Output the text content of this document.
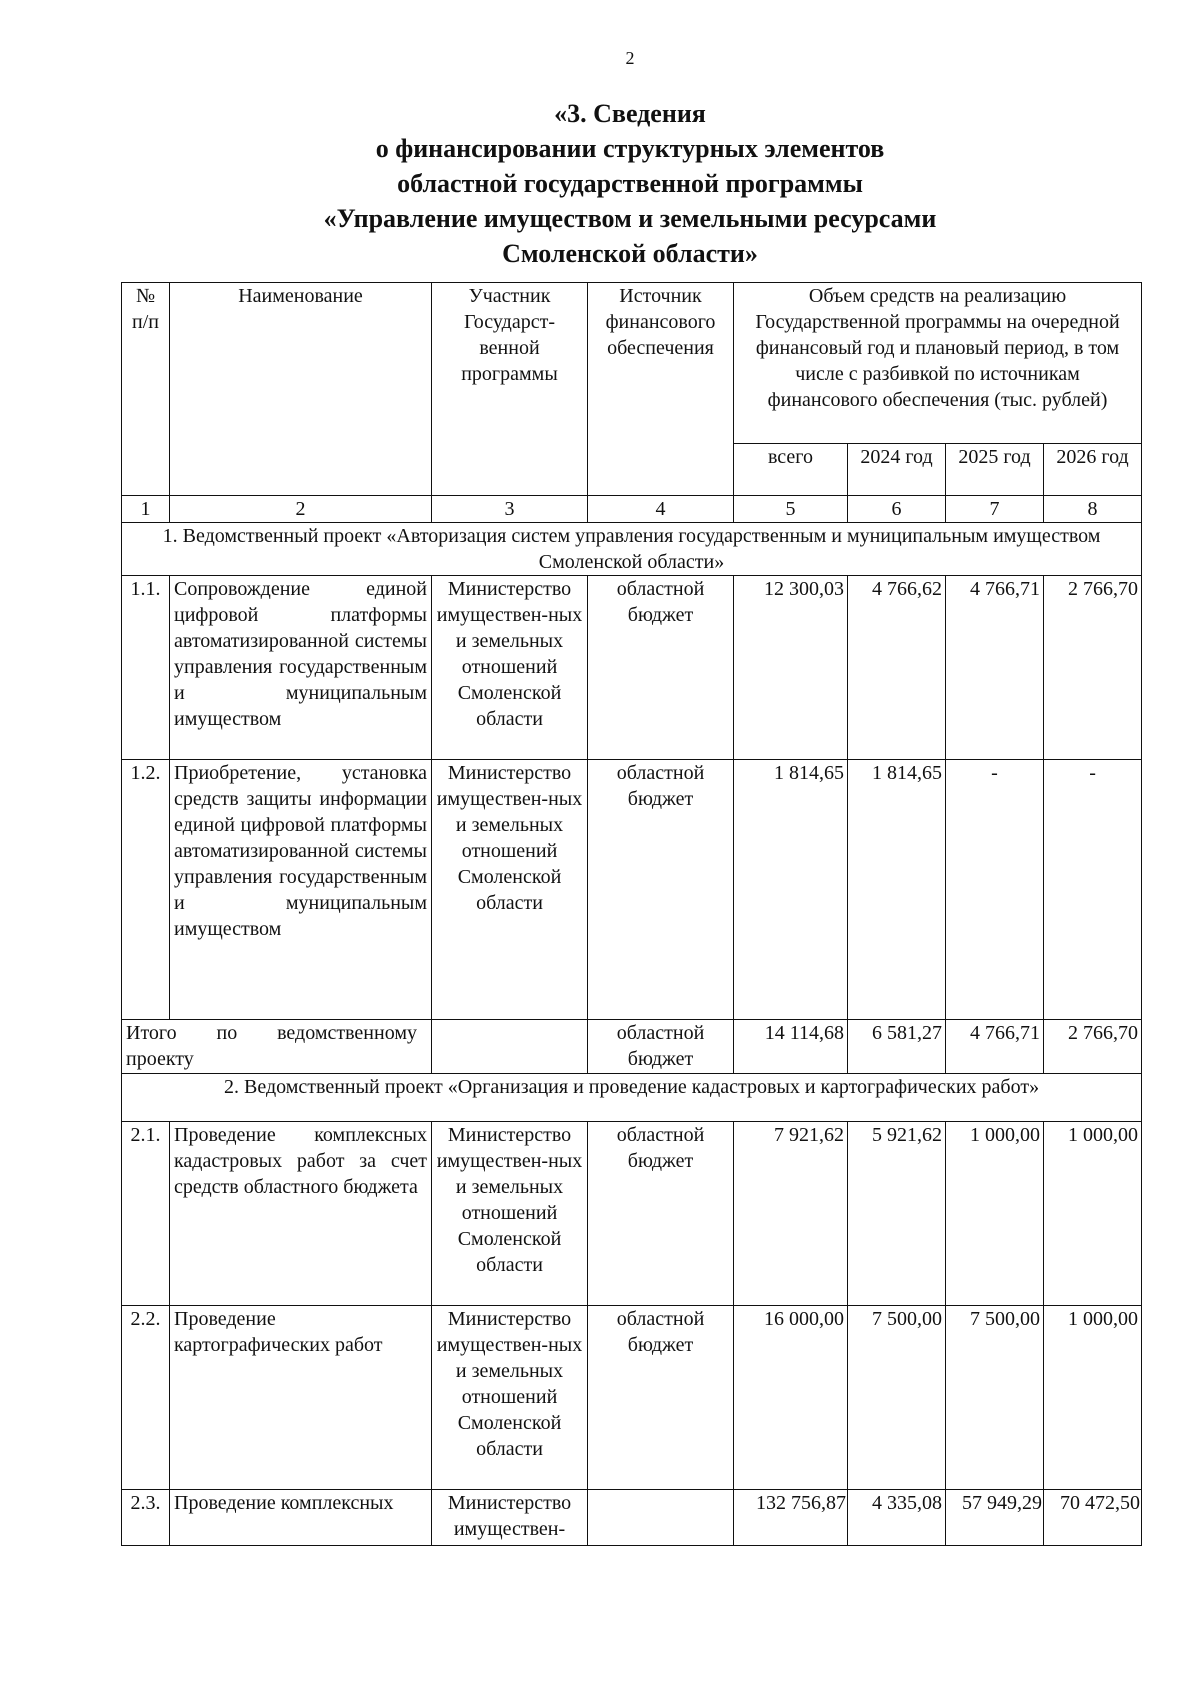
2
«3. Сведения
о финансировании структурных элементов
областной государственной программы
«Управление имуществом и земельными ресурсами
Смоленской области»
№ п/п	Наименование	Участник Государст-венной программы	Источник финансового обеспечения	Объем средств на реализацию Государственной программы на очередной финансовый год и плановый период, в том числе с разбивкой по источникам финансового обеспечения (тыс. рублей)			
				всего	2024 год	2025 год	2026 год
1	2	3	4	5	6	7	8
1. Ведомственный проект «Авторизация систем управления государственным и муниципальным имуществом Смоленской области»							
1.1.	Сопровождение единой цифровой платформы автоматизированной системы управления государственным и муниципальным имуществом	Министерство имуществен-ных и земельных отношений Смоленской области	областной бюджет	12 300,03	4 766,62	4 766,71	2 766,70
1.2.	Приобретение, установка средств защиты информации единой цифровой платформы автоматизированной системы управления государственным и муниципальным имуществом	Министерство имуществен-ных и земельных отношений Смоленской области	областной бюджет	1 814,65	1 814,65	-	-
Итого по ведомственному проекту			областной бюджет	14 114,68	6 581,27	4 766,71	2 766,70
2. Ведомственный проект «Организация и проведение кадастровых и картографических работ»							
2.1.	Проведение комплексных кадастровых работ за счет средств областного бюджета	Министерство имуществен-ных и земельных отношений Смоленской области	областной бюджет	7 921,62	5 921,62	1 000,00	1 000,00
2.2.	Проведение картографических работ	Министерство имуществен-ных и земельных отношений Смоленской области	областной бюджет	16 000,00	7 500,00	7 500,00	1 000,00
2.3.	Проведение комплексных	Министерство имуществен-		132 756,87	4 335,08	57 949,29	70 472,50
